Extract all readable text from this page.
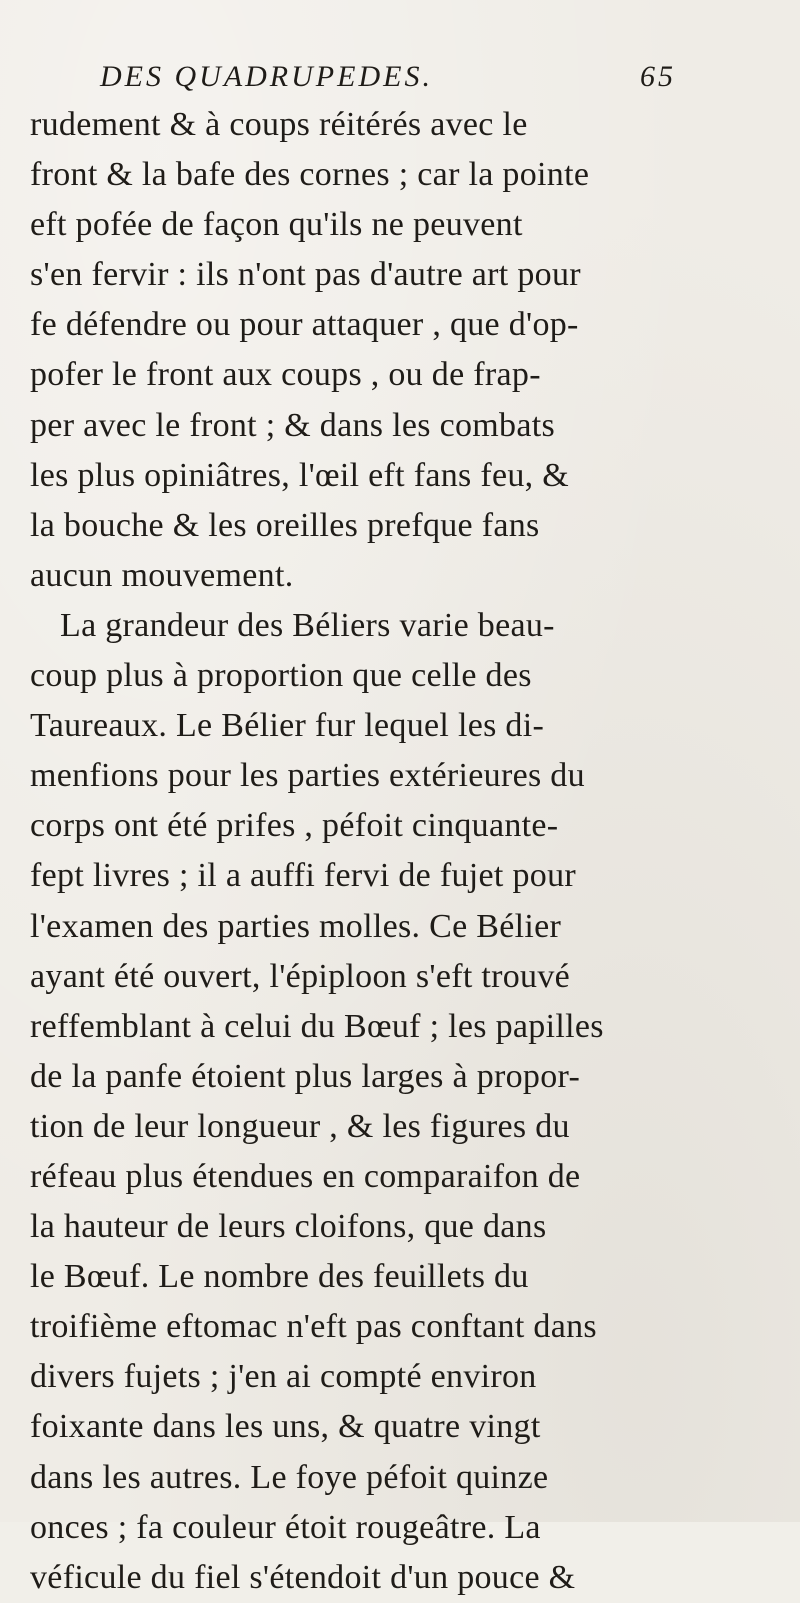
DES QUADRUPEDES.	65
rudement & à coups réitérés avec le
front & la bafe des cornes ; car la pointe
eft pofée de façon qu'ils ne peuvent
s'en fervir : ils n'ont pas d'autre art pour
fe défendre ou pour attaquer , que d'op-
pofer le front aux coups , ou de frap-
per avec le front ; & dans les combats
les plus opiniâtres, l'œil eft fans feu, &
la bouche & les oreilles prefque fans
aucun mouvement.
La grandeur des Béliers varie beau-
coup plus à proportion que celle des
Taureaux. Le Bélier fur lequel les di-
menfions pour les parties extérieures du
corps ont été prifes , péfoit cinquante-
fept livres ; il a auffi fervi de fujet pour
l'examen des parties molles. Ce Bélier
ayant été ouvert, l'épiploon s'eft trouvé
reffemblant à celui du Bœuf ; les papilles
de la panfe étoient plus larges à propor-
tion de leur longueur , & les figures du
réfeau plus étendues en comparaifon de
la hauteur de leurs cloifons, que dans
le Bœuf. Le nombre des feuillets du
troifième eftomac n'eft pas conftant dans
divers fujets ; j'en ai compté environ
foixante dans les uns, & quatre vingt
dans les autres. Le foye péfoit quinze
onces ; fa couleur étoit rougeâtre. La
véficule du fiel s'étendoit d'un pouce &
